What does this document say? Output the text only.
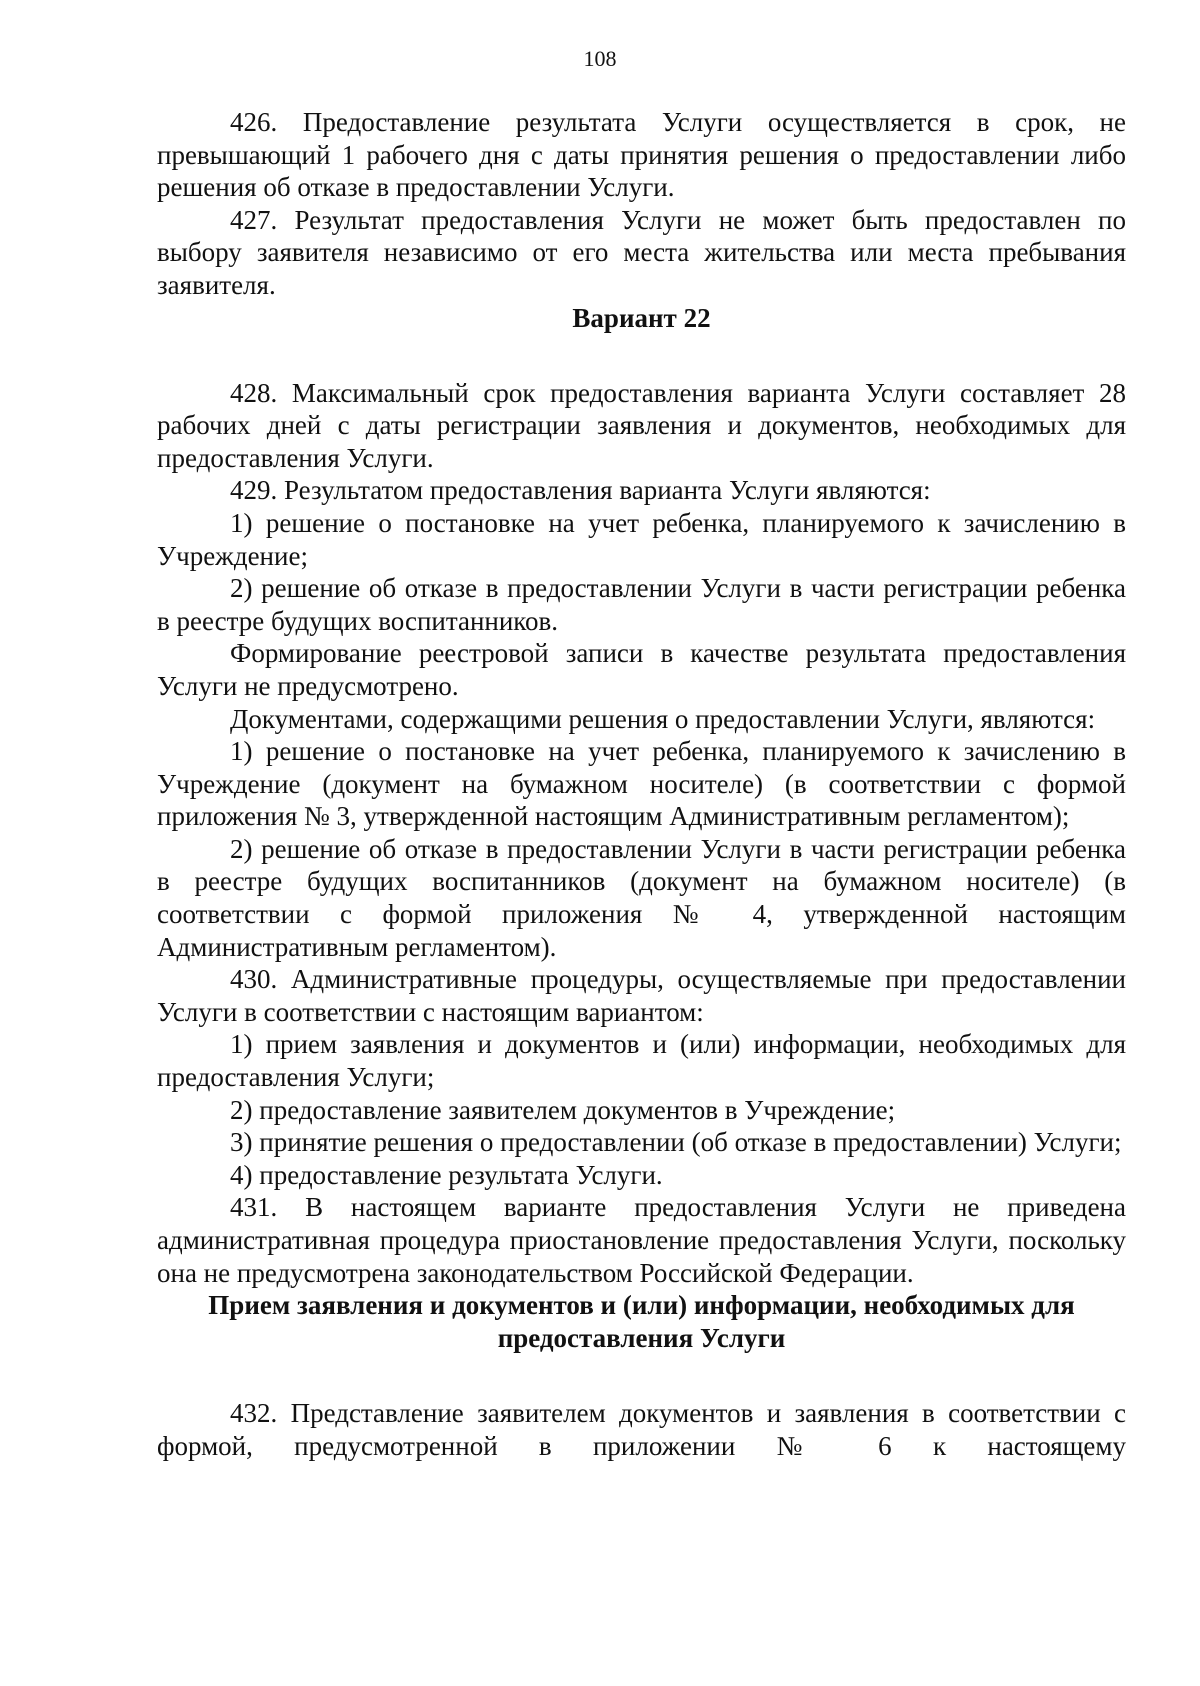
108

426. Предоставление результата Услуги осуществляется в срок, не превышающий 1 рабочего дня с даты принятия решения о предоставлении либо решения об отказе в предоставлении Услуги.

427. Результат предоставления Услуги не может быть предоставлен по выбору заявителя независимо от его места жительства или места пребывания заявителя.

Вариант 22

428. Максимальный срок предоставления варианта Услуги составляет 28 рабочих дней с даты регистрации заявления и документов, необходимых для предоставления Услуги.

429. Результатом предоставления варианта Услуги являются:

1) решение о постановке на учет ребенка, планируемого к зачислению в Учреждение;

2) решение об отказе в предоставлении Услуги в части регистрации ребенка в реестре будущих воспитанников.

Формирование реестровой записи в качестве результата предоставления Услуги не предусмотрено.

Документами, содержащими решения о предоставлении Услуги, являются:

1) решение о постановке на учет ребенка, планируемого к зачислению в Учреждение (документ на бумажном носителе) (в соответствии с формой приложения № 3, утвержденной настоящим Административным регламентом);

2) решение об отказе в предоставлении Услуги в части регистрации ребенка в реестре будущих воспитанников (документ на бумажном носителе) (в соответствии с формой приложения № 4, утвержденной настоящим Административным регламентом).

430. Административные процедуры, осуществляемые при предоставлении Услуги в соответствии с настоящим вариантом:

1) прием заявления и документов и (или) информации, необходимых для предоставления Услуги;

2) предоставление заявителем документов в Учреждение;

3) принятие решения о предоставлении (об отказе в предоставлении) Услуги;

4) предоставление результата Услуги.

431. В настоящем варианте предоставления Услуги не приведена административная процедура приостановление предоставления Услуги, поскольку она не предусмотрена законодательством Российской Федерации.

Прием заявления и документов и (или) информации, необходимых для
предоставления Услуги

432. Представление заявителем документов и заявления в соответствии с формой, предусмотренной в приложении № 6 к настоящему
